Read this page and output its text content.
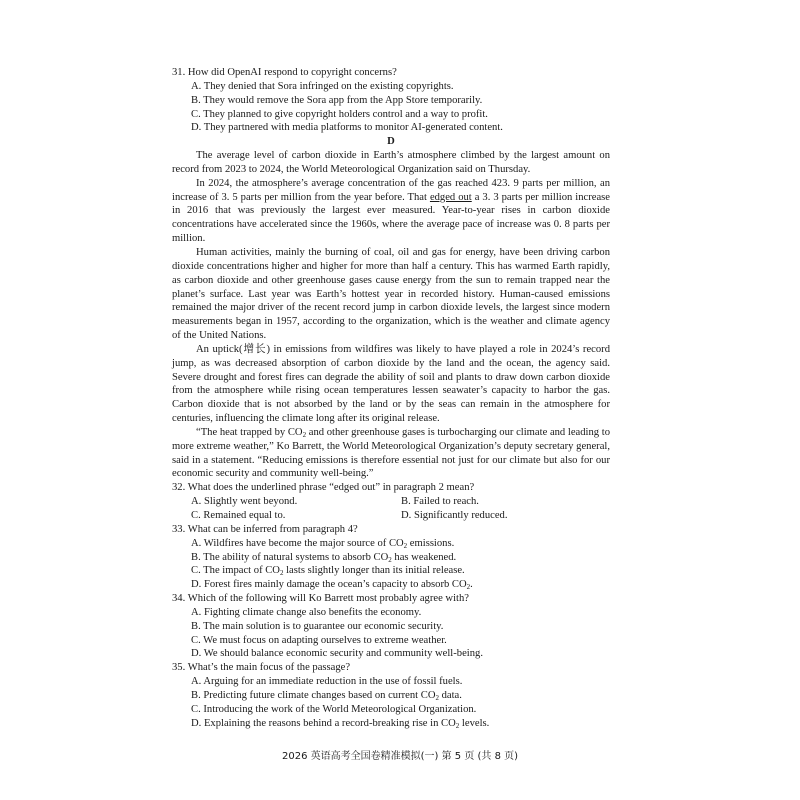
31. How did OpenAI respond to copyright concerns?
A. They denied that Sora infringed on the existing copyrights.
B. They would remove the Sora app from the App Store temporarily.
C. They planned to give copyright holders control and a way to profit.
D. They partnered with media platforms to monitor AI-generated content.
D

The average level of carbon dioxide in Earth’s atmosphere climbed by the largest amount on record from 2023 to 2024, the World Meteorological Organization said on Thursday.

In 2024, the atmosphere’s average concentration of the gas reached 423. 9 parts per million, an increase of 3. 5 parts per million from the year before. That edged out a 3. 3 parts per million increase in 2016 that was previously the largest ever measured. Year-to-year rises in carbon dioxide concentrations have accelerated since the 1960s, where the average pace of increase was 0. 8 parts per million.

Human activities, mainly the burning of coal, oil and gas for energy, have been driving carbon dioxide concentrations higher and higher for more than half a century. This has warmed Earth rapidly, as carbon dioxide and other greenhouse gases cause energy from the sun to remain trapped near the planet’s surface. Last year was Earth’s hottest year in recorded history. Human-caused emissions remained the major driver of the recent record jump in carbon dioxide levels, the largest since modern measurements began in 1957, according to the organization, which is the weather and climate agency of the United Nations.

An uptick(增长) in emissions from wildfires was likely to have played a role in 2024’s record jump, as was decreased absorption of carbon dioxide by the land and the ocean, the agency said. Severe drought and forest fires can degrade the ability of soil and plants to draw down carbon dioxide from the atmosphere while rising ocean temperatures lessen seawater’s capacity to harbor the gas. Carbon dioxide that is not absorbed by the land or by the seas can remain in the atmosphere for centuries, influencing the climate long after its original release.

“The heat trapped by $CO_2$ and other greenhouse gases is turbocharging our climate and leading to more extreme weather,” Ko Barrett, the World Meteorological Organization’s deputy secretary general, said in a statement. “Reducing emissions is therefore essential not just for our climate but also for our economic security and community well-being.”

32. What does the underlined phrase “edged out” in paragraph 2 mean?
A. Slightly went beyond.	B. Failed to reach.
C. Remained equal to.	D. Significantly reduced.
33. What can be inferred from paragraph 4?
A. Wildfires have become the major source of $CO_2$ emissions.
B. The ability of natural systems to absorb $CO_2$ has weakened.
C. The impact of $CO_2$ lasts slightly longer than its initial release.
D. Forest fires mainly damage the ocean’s capacity to absorb $CO_2$.
34. Which of the following will Ko Barrett most probably agree with?
A. Fighting climate change also benefits the economy.
B. The main solution is to guarantee our economic security.
C. We must focus on adapting ourselves to extreme weather.
D. We should balance economic security and community well-being.
35. What’s the main focus of the passage?
A. Arguing for an immediate reduction in the use of fossil fuels.
B. Predicting future climate changes based on current $CO_2$ data.
C. Introducing the work of the World Meteorological Organization.
D. Explaining the reasons behind a record-breaking rise in $CO_2$ levels.
2026 英语高考全国卷精准模拟(一) 第 5 页 (共 8 页)
